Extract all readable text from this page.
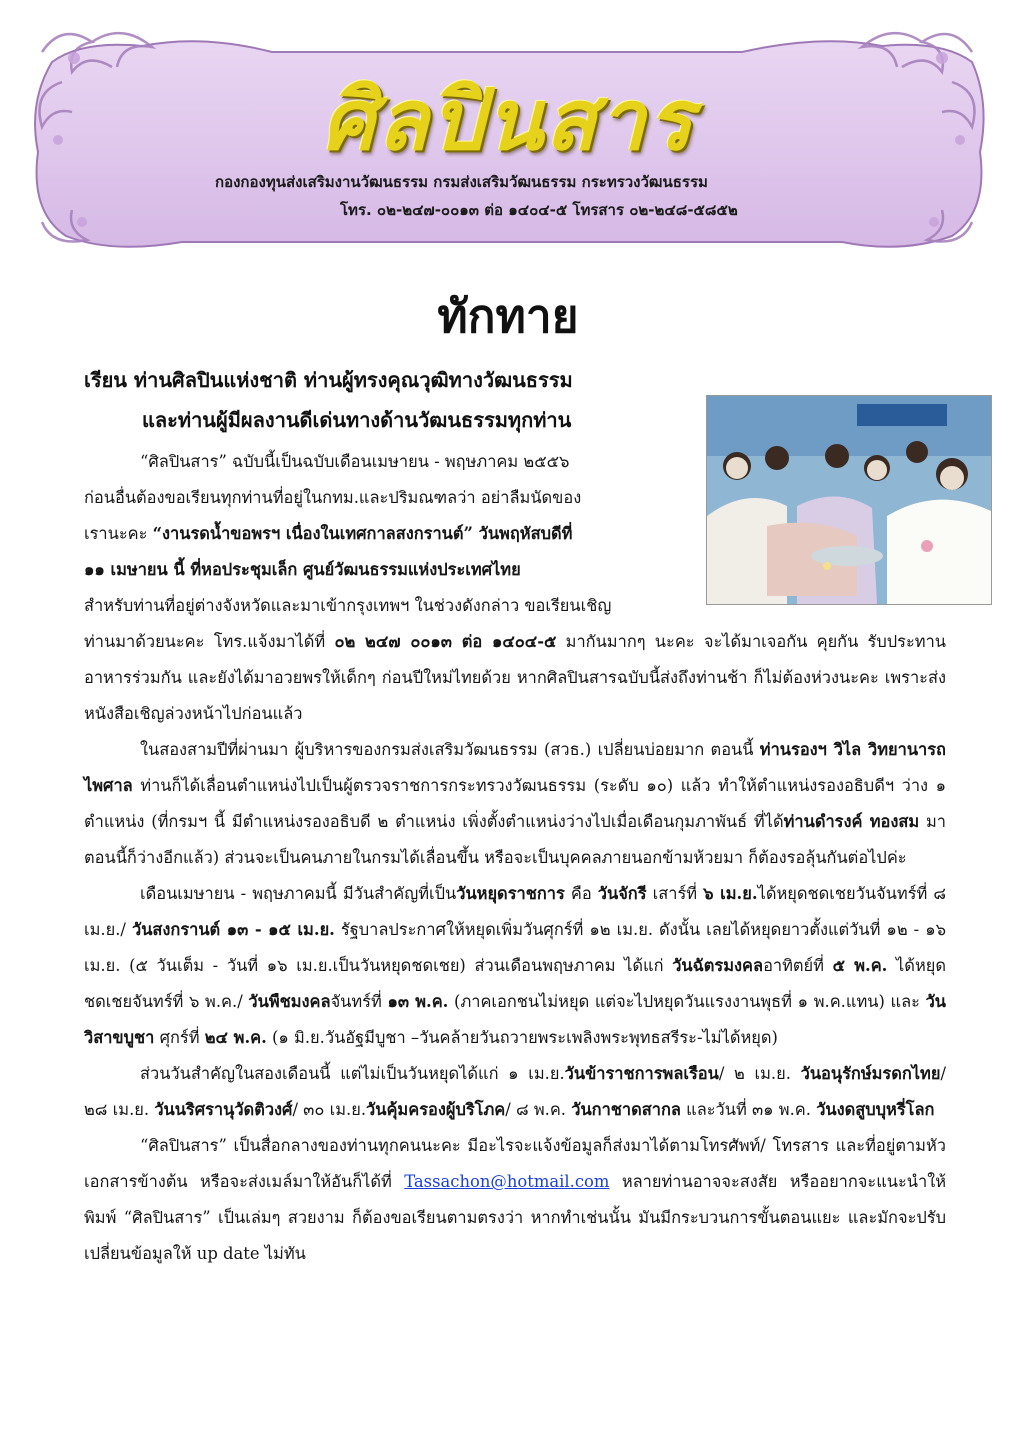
ศิลปินสาร
กองกองทุนส่งเสริมงานวัฒนธรรม กรมส่งเสริมวัฒนธรรม กระทรวงวัฒนธรรม
โทร. ๐๒-๒๔๗-๐๐๑๓ ต่อ ๑๔๐๔-๕ โทรสาร ๐๒-๒๔๘-๕๘๕๒
ทักทาย
เรียน ท่านศิลปินแห่งชาติ ท่านผู้ทรงคุณวุฒิทางวัฒนธรรม
และท่านผู้มีผลงานดีเด่นทางด้านวัฒนธรรมทุกท่าน
“ศิลปินสาร” ฉบับนี้เป็นฉบับเดือนเมษายน - พฤษภาคม ๒๕๕๖
ก่อนอื่นต้องขอเรียนทุกท่านที่อยู่ในกทม.และปริมณฑลว่า อย่าลืมนัดของ
เรานะคะ “งานรดน้ำขอพรฯ เนื่องในเทศกาลสงกรานต์” วันพฤหัสบดีที่
๑๑ เมษายน นี้ ที่หอประชุมเล็ก ศูนย์วัฒนธรรมแห่งประเทศไทย
สำหรับท่านที่อยู่ต่างจังหวัดและมาเข้ากรุงเทพฯ ในช่วงดังกล่าว ขอเรียนเชิญ
ท่านมาด้วยนะคะ โทร.แจ้งมาได้ที่ ๐๒ ๒๔๗ ๐๐๑๓ ต่อ ๑๔๐๔-๕ มากันมากๆ นะคะ จะได้มาเจอกัน คุยกัน รับประทานอาหารร่วมกัน และยังได้มาอวยพรให้เด็กๆ ก่อนปีใหม่ไทยด้วย หากศิลปินสารฉบับนี้ส่งถึงท่านช้า ก็ไม่ต้องห่วงนะคะ เพราะส่งหนังสือเชิญล่วงหน้าไปก่อนแล้ว
ในสองสามปีที่ผ่านมา ผู้บริหารของกรมส่งเสริมวัฒนธรรม (สวธ.) เปลี่ยนบ่อยมาก ตอนนี้ ท่านรองฯ วิไล วิทยานารถไพศาล ท่านก็ได้เลื่อนตำแหน่งไปเป็นผู้ตรวจราชการกระทรวงวัฒนธรรม (ระดับ ๑๐) แล้ว ทำให้ตำแหน่งรองอธิบดีฯ ว่าง ๑ ตำแหน่ง (ที่กรมฯ นี้ มีตำแหน่งรองอธิบดี ๒ ตำแหน่ง เพิ่งตั้งตำแหน่งว่างไปเมื่อเดือนกุมภาพันธ์ ที่ได้ท่านดำรงค์ ทองสม มา ตอนนี้ก็ว่างอีกแล้ว) ส่วนจะเป็นคนภายในกรมได้เลื่อนขึ้น หรือจะเป็นบุคคลภายนอกข้ามห้วยมา ก็ต้องรอลุ้นกันต่อไปค่ะ
เดือนเมษายน - พฤษภาคมนี้ มีวันสำคัญที่เป็นวันหยุดราชการ คือ วันจักรี เสาร์ที่ ๖ เม.ย.ได้หยุดชดเชยวันจันทร์ที่ ๘ เม.ย./ วันสงกรานต์ ๑๓ - ๑๕ เม.ย. รัฐบาลประกาศให้หยุดเพิ่มวันศุกร์ที่ ๑๒ เม.ย. ดังนั้น เลยได้หยุดยาวตั้งแต่วันที่ ๑๒ - ๑๖ เม.ย. (๕ วันเต็ม - วันที่ ๑๖ เม.ย.เป็นวันหยุดชดเชย) ส่วนเดือนพฤษภาคม ได้แก่ วันฉัตรมงคลอาทิตย์ที่ ๕ พ.ค. ได้หยุดชดเชยจันทร์ที่ ๖ พ.ค./ วันพืชมงคลจันทร์ที่ ๑๓ พ.ค. (ภาคเอกชนไม่หยุด แต่จะไปหยุดวันแรงงานพุธที่ ๑ พ.ค.แทน) และ วันวิสาขบูชา ศุกร์ที่ ๒๔ พ.ค. (๑ มิ.ย.วันอัฐมีบูชา –วันคล้ายวันถวายพระเพลิงพระพุทธสรีระ-ไม่ได้หยุด)
ส่วนวันสำคัญในสองเดือนนี้ แต่ไม่เป็นวันหยุดได้แก่ ๑ เม.ย.วันข้าราชการพลเรือน/ ๒ เม.ย. วันอนุรักษ์มรดกไทย/ ๒๘ เม.ย. วันนริศรานุวัดติวงศ์/ ๓๐ เม.ย.วันคุ้มครองผู้บริโภค/ ๘ พ.ค. วันกาชาดสากล และวันที่ ๓๑ พ.ค. วันงดสูบบุหรี่โลก
“ศิลปินสาร” เป็นสื่อกลางของท่านทุกคนนะคะ มีอะไรจะแจ้งข้อมูลก็ส่งมาได้ตามโทรศัพท์/ โทรสาร และที่อยู่ตามหัวเอกสารข้างต้น หรือจะส่งเมล์มาให้อันก็ได้ที่ Tassachon@hotmail.com หลายท่านอาจจะสงสัย หรืออยากจะแนะนำให้พิมพ์ “ศิลปินสาร” เป็นเล่มๆ สวยงาม ก็ต้องขอเรียนตามตรงว่า หากทำเช่นนั้น มันมีกระบวนการขั้นตอนแยะ และมักจะปรับเปลี่ยนข้อมูลให้ up date ไม่ทัน
